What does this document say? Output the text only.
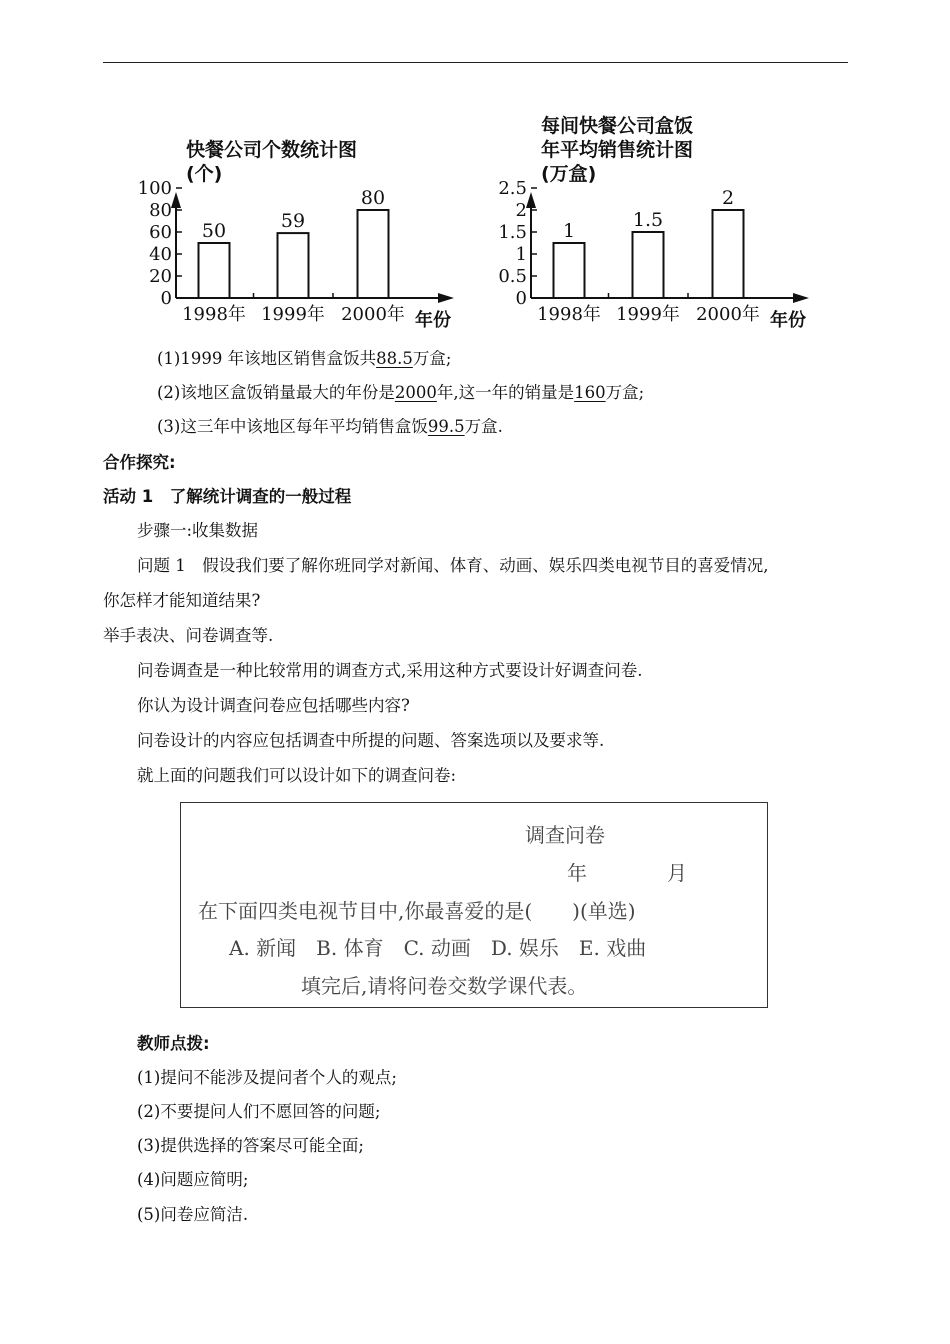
快餐公司个数统计图
(个)
100
80
60
40
20
0
50
1998年
59
1999年
80
2000年 年份
每间快餐公司盒饭
年平均销售统计图
(万盒)
2.5
2
1.5
1
0.5
0
1
1998年
1.5
1999年
2
2000年 年份
(1)1999 年该地区销售盒饭共88.5万盒;
(2)该地区盒饭销量最大的年份是2000年,这一年的销量是160万盒;
(3)这三年中该地区每年平均销售盒饭99.5万盒.
合作探究:
活动 1　了解统计调查的一般过程
步骤一:收集数据
问题 1　假设我们要了解你班同学对新闻、体育、动画、娱乐四类电视节目的喜爱情况,
你怎样才能知道结果?
举手表决、问卷调查等.
问卷调查是一种比较常用的调查方式,采用这种方式要设计好调查问卷.
你认为设计调查问卷应包括哪些内容?
问卷设计的内容应包括调查中所提的问题、答案选项以及要求等.
就上面的问题我们可以设计如下的调查问卷:
调查问卷
年	月
在下面四类电视节目中,你最喜爱的是(　　)(单选)
A. 新闻　B. 体育　C. 动画　D. 娱乐　E. 戏曲
填完后,请将问卷交数学课代表。
教师点拨:
(1)提问不能涉及提问者个人的观点;
(2)不要提问人们不愿回答的问题;
(3)提供选择的答案尽可能全面;
(4)问题应简明;
(5)问卷应简洁.
